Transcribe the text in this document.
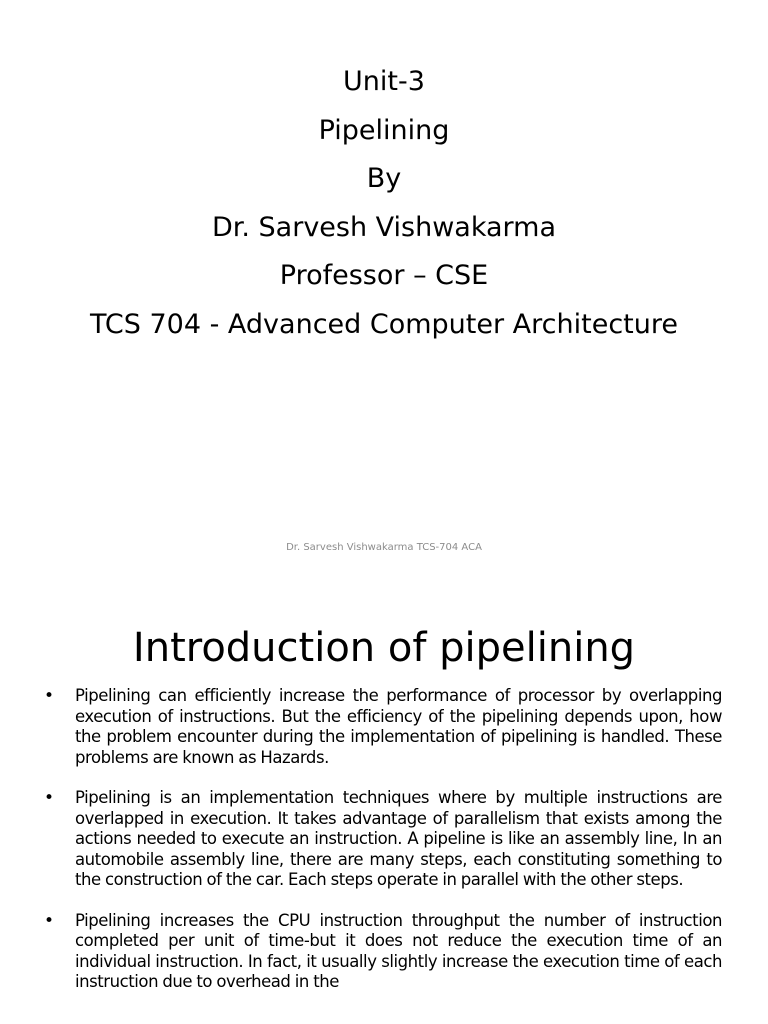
Unit-3
Pipelining
By
Dr. Sarvesh Vishwakarma
Professor – CSE
TCS 704 - Advanced Computer Architecture
Dr. Sarvesh Vishwakarma TCS-704 ACA
Introduction of pipelining
• Pipelining can efficiently increase the performance of processor by overlapping execution of instructions. But the efficiency of the pipelining depends upon, how the problem encounter during the implementation of pipelining is handled. These problems are known as Hazards.
• Pipelining is an implementation techniques where by multiple instructions are overlapped in execution. It takes advantage of parallelism that exists among the actions needed to execute an instruction. A pipeline is like an assembly line, In an automobile assembly line, there are many steps, each constituting something to the construction of the car. Each steps operate in parallel with the other steps.
• Pipelining increases the CPU instruction throughput the number of instruction completed per unit of time-but it does not reduce the execution time of an individual instruction. In fact, it usually slightly increase the execution time of each instruction due to overhead in the
